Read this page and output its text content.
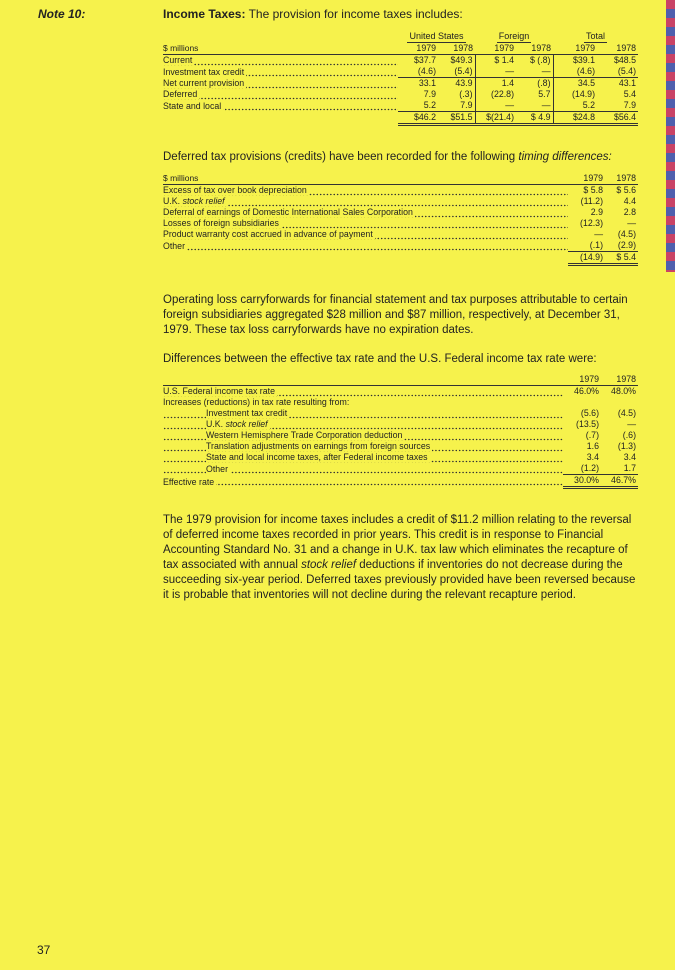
Note 10:	Income Taxes: The provision for income taxes includes:

	United States		Foreign		Total	
$ millions	1979	1978	1979	1978	1979	1978
Current	$37.7	$49.3	$ 1.4	$ (.8)	$39.1	$48.5
Investment tax credit	(4.6)	(5.4)	—	—	(4.6)	(5.4)
Net current provision	33.1	43.9	1.4	(.8)	34.5	43.1
Deferred	7.9	(.3)	(22.8)	5.7	(14.9)	5.4
State and local	5.2	7.9	—	—	5.2	7.9
	$46.2	$51.5	$(21.4)	$ 4.9	$24.8	$56.4

Deferred tax provisions (credits) have been recorded for the following timing differences:

$ millions	1979	1978
Excess of tax over book depreciation	$ 5.8	$ 5.6
U.K. stock relief	(11.2)	4.4
Deferral of earnings of Domestic International Sales Corporation	2.9	2.8
Losses of foreign subsidiaries	(12.3)	—
Product warranty cost accrued in advance of payment	—	(4.5)
Other	(.1)	(2.9)
	(14.9)	$ 5.4

Operating loss carryforwards for financial statement and tax purposes attributable to certain foreign subsidiaries aggregated $28 million and $87 million, respectively, at December 31, 1979. These tax loss carryforwards have no expiration dates.

Differences between the effective tax rate and the U.S. Federal income tax rate were:

	1979	1978
U.S. Federal income tax rate	46.0%	48.0%
Increases (reductions) in tax rate resulting from:		
Investment tax credit	(5.6)	(4.5)
U.K. stock relief	(13.5)	—
Western Hemisphere Trade Corporation deduction	(.7)	(.6)
Translation adjustments on earnings from foreign sources	1.6	(1.3)
State and local income taxes, after Federal income taxes	3.4	3.4
Other	(1.2)	1.7
Effective rate	30.0%	46.7%

The 1979 provision for income taxes includes a credit of $11.2 million relating to the reversal of deferred income taxes recorded in prior years. This credit is in response to Financial Accounting Standard No. 31 and a change in U.K. tax law which eliminates the recapture of tax associated with annual stock relief deductions if inventories do not decrease during the succeeding six-year period. Deferred taxes previously provided have been reversed because it is probable that inventories will not decline during the relevant recapture period.

37
